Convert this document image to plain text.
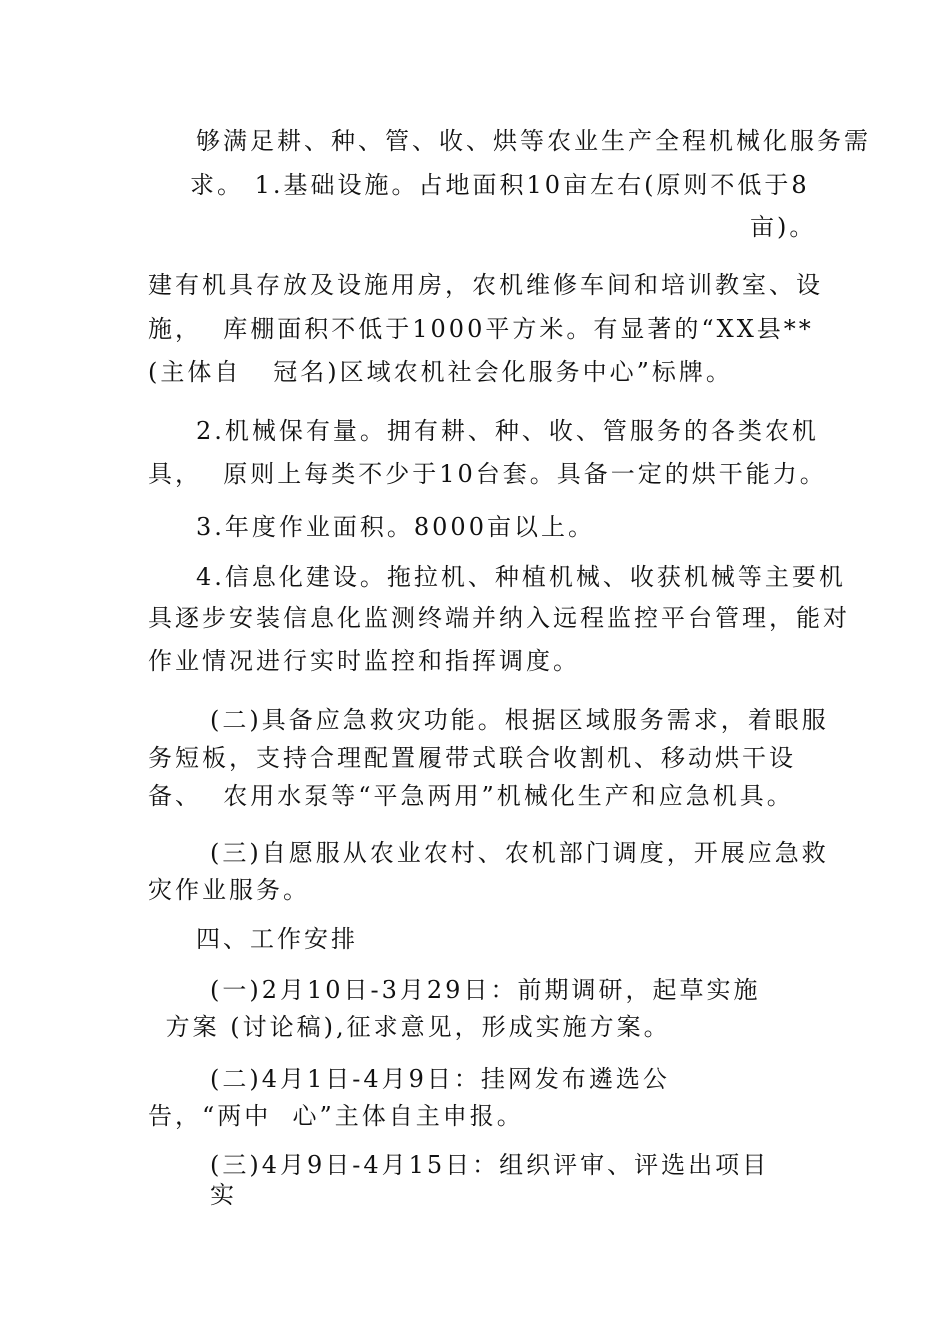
够满足耕、种、管、收、烘等农业生产全程机械化服务需
求。 1.基础设施。占地面积10亩左右(原则不低于8
亩)。
建有机具存放及设施用房，农机维修车间和培训教室、设
施，  库棚面积不低于1000平方米。有显著的“XX县**
(主体自   冠名)区域农机社会化服务中心”标牌。
2.机械保有量。拥有耕、种、收、管服务的各类农机
具，  原则上每类不少于10台套。具备一定的烘干能力。
3.年度作业面积。8000亩以上。
4.信息化建设。拖拉机、种植机械、收获机械等主要机
具逐步安装信息化监测终端并纳入远程监控平台管理，能对
作业情况进行实时监控和指挥调度。
(二)具备应急救灾功能。根据区域服务需求，着眼服
务短板，支持合理配置履带式联合收割机、移动烘干设
备、  农用水泵等“平急两用”机械化生产和应急机具。
(三)自愿服从农业农村、农机部门调度，开展应急救
灾作业服务。
四、工作安排
(一)2月10日-3月29日：前期调研，起草实施
方案 (讨论稿),征求意见，形成实施方案。
(二)4月1日-4月9日：挂网发布遴选公
告，“两中  心”主体自主申报。
(三)4月9日-4月15日：组织评审、评选出项目
实
